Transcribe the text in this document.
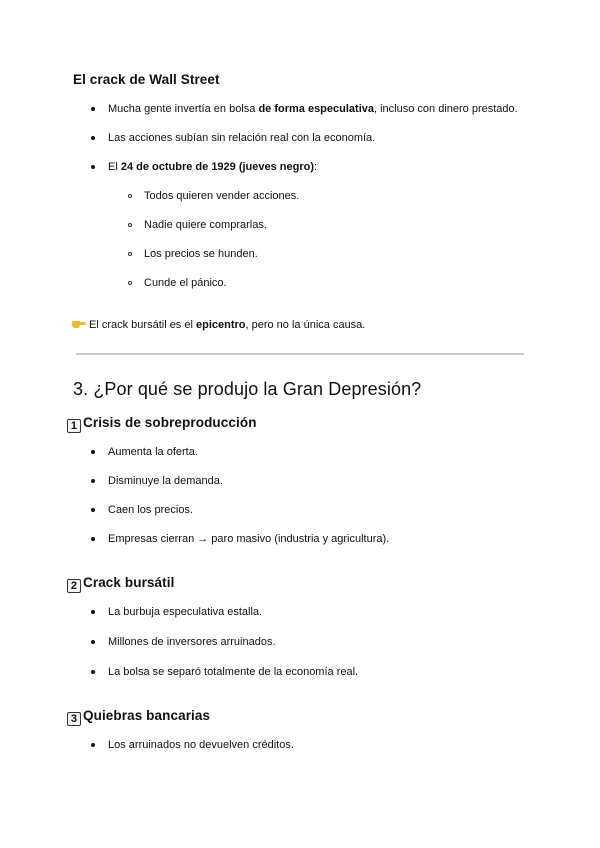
El crack de Wall Street
Mucha gente invertía en bolsa de forma especulativa, incluso con dinero prestado.
Las acciones subían sin relación real con la economía.
El 24 de octubre de 1929 (jueves negro):
Todos quieren vender acciones.
Nadie quiere comprarlas.
Los precios se hunden.
Cunde el pánico.
El crack bursátil es el epicentro, pero no la única causa.
3. ¿Por qué se produjo la Gran Depresión?
1 Crisis de sobreproducción
Aumenta la oferta.
Disminuye la demanda.
Caen los precios.
Empresas cierran → paro masivo (industria y agricultura).
2 Crack bursátil
La burbuja especulativa estalla.
Millones de inversores arruinados.
La bolsa se separó totalmente de la economía real.
3 Quiebras bancarias
Los arruinados no devuelven créditos.
